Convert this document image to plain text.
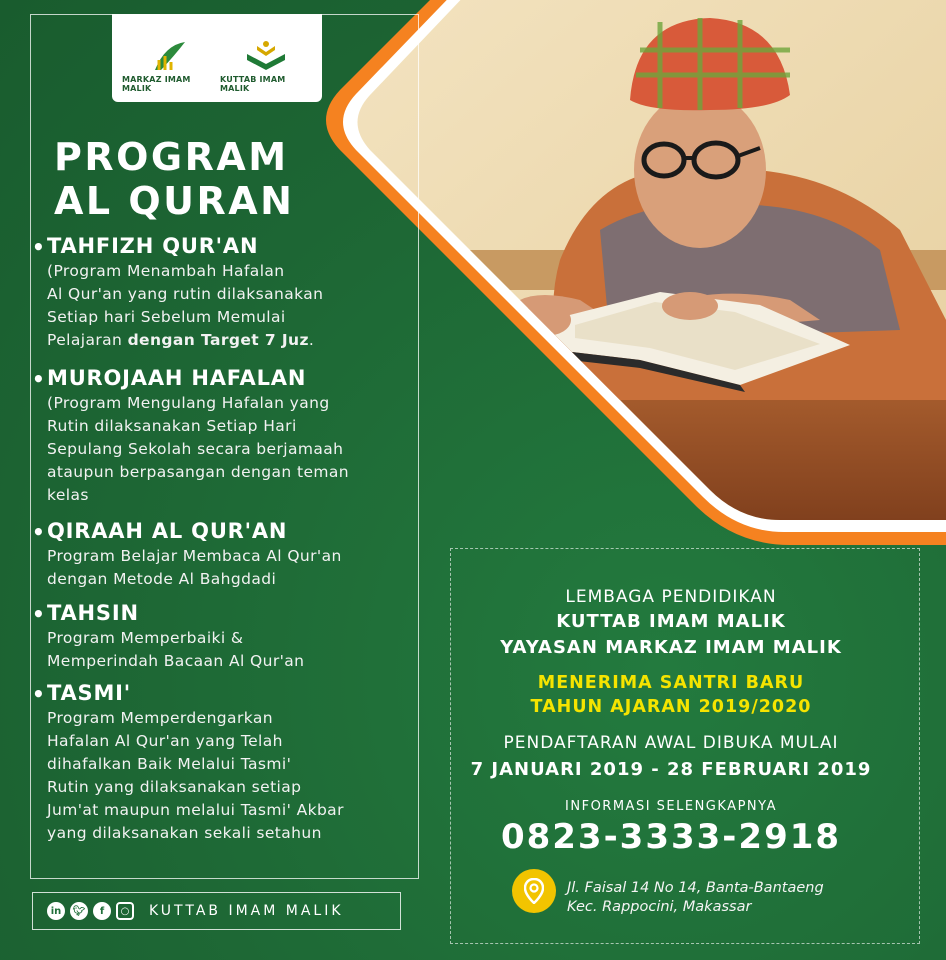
MARKAZ IMAM MALIK
KUTTAB IMAM MALIK
PROGRAM
AL QURAN
• TAHFIZH QUR'AN
(Program Menambah Hafalan
Al Qur'an yang rutin dilaksanakan
Setiap hari Sebelum Memulai
Pelajaran dengan Target 7 Juz.
• MUROJAAH HAFALAN
(Program Mengulang Hafalan yang
Rutin dilaksanakan Setiap Hari
Sepulang Sekolah secara berjamaah
ataupun berpasangan dengan teman
kelas
• QIRAAH AL QUR'AN
Program Belajar Membaca Al Qur'an
dengan Metode Al Bahgdadi
• TAHSIN
Program Memperbaiki &
Memperindah Bacaan Al Qur'an
• TASMI'
Program Memperdengarkan
Hafalan Al Qur'an yang Telah
dihafalkan Baik Melalui Tasmi'
Rutin yang dilaksanakan setiap
Jum'at maupun melalui Tasmi' Akbar
yang dilaksanakan sekali setahun
in	🐦︎	f	○	KUTTAB IMAM MALIK
LEMBAGA PENDIDIKAN
KUTTAB IMAM MALIK
YAYASAN MARKAZ IMAM MALIK
MENERIMA SANTRI BARU
TAHUN AJARAN 2019/2020
PENDAFTARAN AWAL DIBUKA MULAI
7 JANUARI 2019 - 28 FEBRUARI 2019
INFORMASI SELENGKAPNYA
0823-3333-2918
Jl. Faisal 14 No 14, Banta-Bantaeng
Kec. Rappocini, Makassar
